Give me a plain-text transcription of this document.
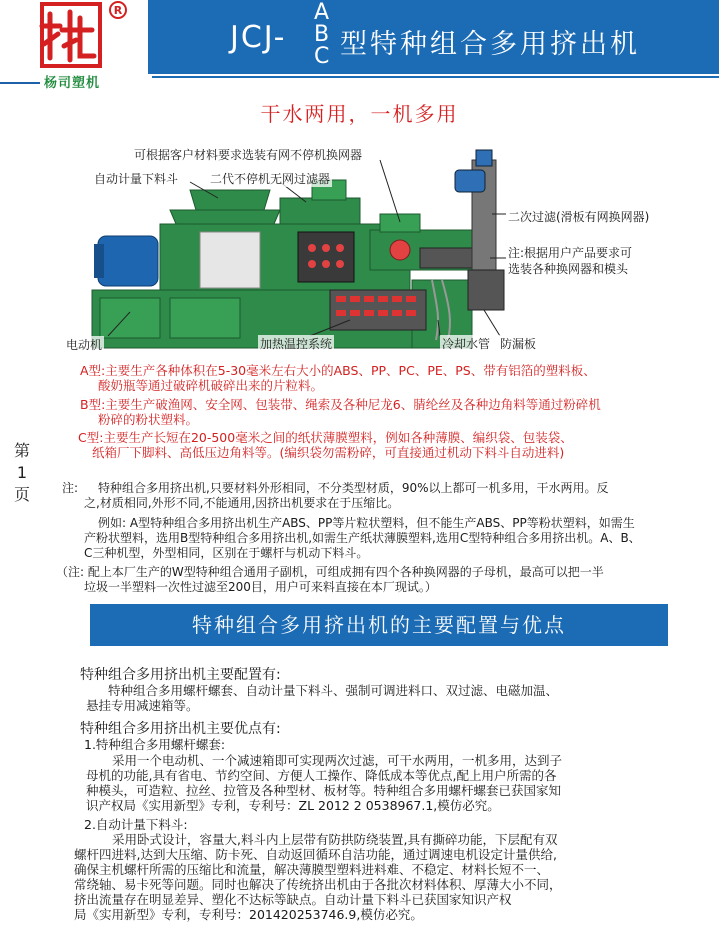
R
杨司塑机
JCJ-
A
B
C 型特种组合多用挤出机
干水两用，一机多用
可根据客户材料要求选装有网不停机换网器
自动计量下料斗	二代不停机无网过滤器
二次过滤(滑板有网换网器)
注:根据用户产品要求可
选装各种换网器和模头
电动机	加热温控系统	冷却水管 防漏板
A型:主要生产各种体积在5-30毫米左右大小的ABS、PP、PC、PE、PS、带有铝箔的塑料板、
酸奶瓶等通过破碎机破碎出来的片粒料。
B型:主要生产破渔网、安全网、包装带、绳索及各种尼龙6、腈纶丝及各种边角料等通过粉碎机
粉碎的粉状塑料。
C型:主要生产长短在20-500毫米之间的纸状薄膜塑料，例如各种薄膜、编织袋、包装袋、
纸箱厂下脚料、高低压边角料等。(编织袋勿需粉碎，可直接通过机动下料斗自动进料)
第
1
页	注: 特种组合多用挤出机,只要材料外形相同，不分类型材质，90%以上都可一机多用，干水两用。反
之,材质相同,外形不同,不能通用,因挤出机要求在于压缩比。
例如: A型特种组合多用挤出机生产ABS、PP等片粒状塑料，但不能生产ABS、PP等粉状塑料，如需生
产粉状塑料，选用B型特种组合多用挤出机,如需生产纸状薄膜塑料,选用C型特种组合多用挤出机。A、B、
C三种机型，外型相同，区别在于螺杆与机动下料斗。
（注: 配上本厂生产的W型特种组合通用子副机，可组成拥有四个各种换网器的子母机，最高可以把一半
垃圾一半塑料一次性过滤至200目，用户可来料直接在本厂现试。）
特种组合多用挤出机的主要配置与优点
特种组合多用挤出机主要配置有:
特种组合多用螺杆螺套、自动计量下料斗、强制可调进料口、双过滤、电磁加温、
悬挂专用减速箱等。
特种组合多用挤出机主要优点有:
1.特种组合多用螺杆螺套:
采用一个电动机、一个减速箱即可实现两次过滤，可干水两用，一机多用，达到子
母机的功能,具有省电、节约空间、方便人工操作、降低成本等优点,配上用户所需的各
种模头，可造粒、拉丝、拉管及各种型材、板材等。特种组合多用螺杆螺套已获国家知
识产权局《实用新型》专利，专利号：ZL 2012 2 0538967.1,模仿必究。
2.自动计量下料斗:
采用卧式设计，容量大,料斗内上层带有防拱防绕装置,具有撕碎功能，下层配有双
螺杆四进料,达到大压缩、防卡死、自动返回循环自洁功能，通过调速电机设定计量供给,
确保主机螺杆所需的压缩比和流量，解决薄膜型塑料进料难、不稳定、材料长短不一、
常绕轴、易卡死等问题。同时也解决了传统挤出机由于各批次材料体积、厚薄大小不同，
挤出流量存在明显差异、塑化不达标等缺点。自动计量下料斗已获国家知识产权
局《实用新型》专利，专利号：201420253746.9,模仿必究。
